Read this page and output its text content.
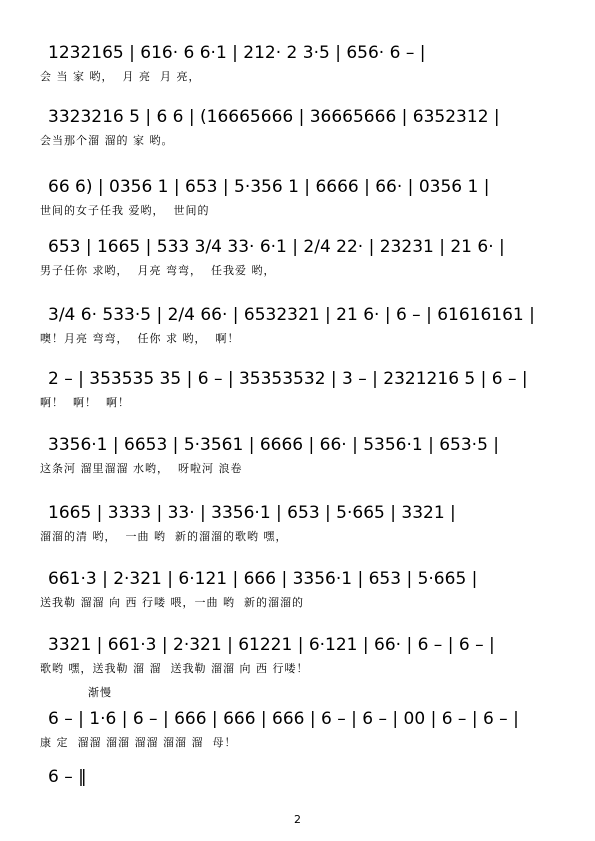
1232165 | 616· 6 6·1 | 212· 2 3·5 | 656· 6 – |
会 当 家 哟，  月 亮  月 亮，
3323216 5 | 6 6 | (16665666 | 36665666 | 6352312 |
会当那个溜 溜的 家 哟。
66 6) | 0356 1 | 653 | 5·356 1 | 6666 | 66· | 0356 1 |
世间的女子任我 爱哟，  世间的
653 | 1665 | 533 3/4 33· 6·1 | 2/4 22· | 23231 | 21 6· |
男子任你 求哟，  月亮 弯弯，  任我爱 哟，
3/4 6· 533·5 | 2/4 66· | 6532321 | 21 6· | 6 – | 61616161 |
噢！月亮 弯弯，  任你 求 哟，  啊！
2 – | 353535 35 | 6 – | 35353532 | 3 – | 2321216 5 | 6 – |
啊！  啊！  啊！
3356·1 | 6653 | 5·3561 | 6666 | 66· | 5356·1 | 653·5 |
这条河 溜里溜溜 水哟，  呀啦河 浪卷
1665 | 3333 | 33· | 3356·1 | 653 | 5·665 | 3321 |
溜溜的清 哟，  一曲 哟  新的溜溜的歌哟 嘿，
661·3 | 2·321 | 6·121 | 666 | 3356·1 | 653 | 5·665 |
送我勒 溜溜 向 西 行喽 喂，一曲 哟  新的溜溜的
3321 | 661·3 | 2·321 | 61221 | 6·121 | 66· | 6 – | 6 – |
歌哟 嘿，送我勒 溜 溜  送我勒 溜溜 向 西 行喽！
渐慢
6 – | 1·6 | 6 – | 666 | 666 | 666 | 6 – | 6 – | 00 | 6 – | 6 – |
康 定  溜溜 溜溜 溜溜 溜溜 溜  母！
6 – ‖
2
